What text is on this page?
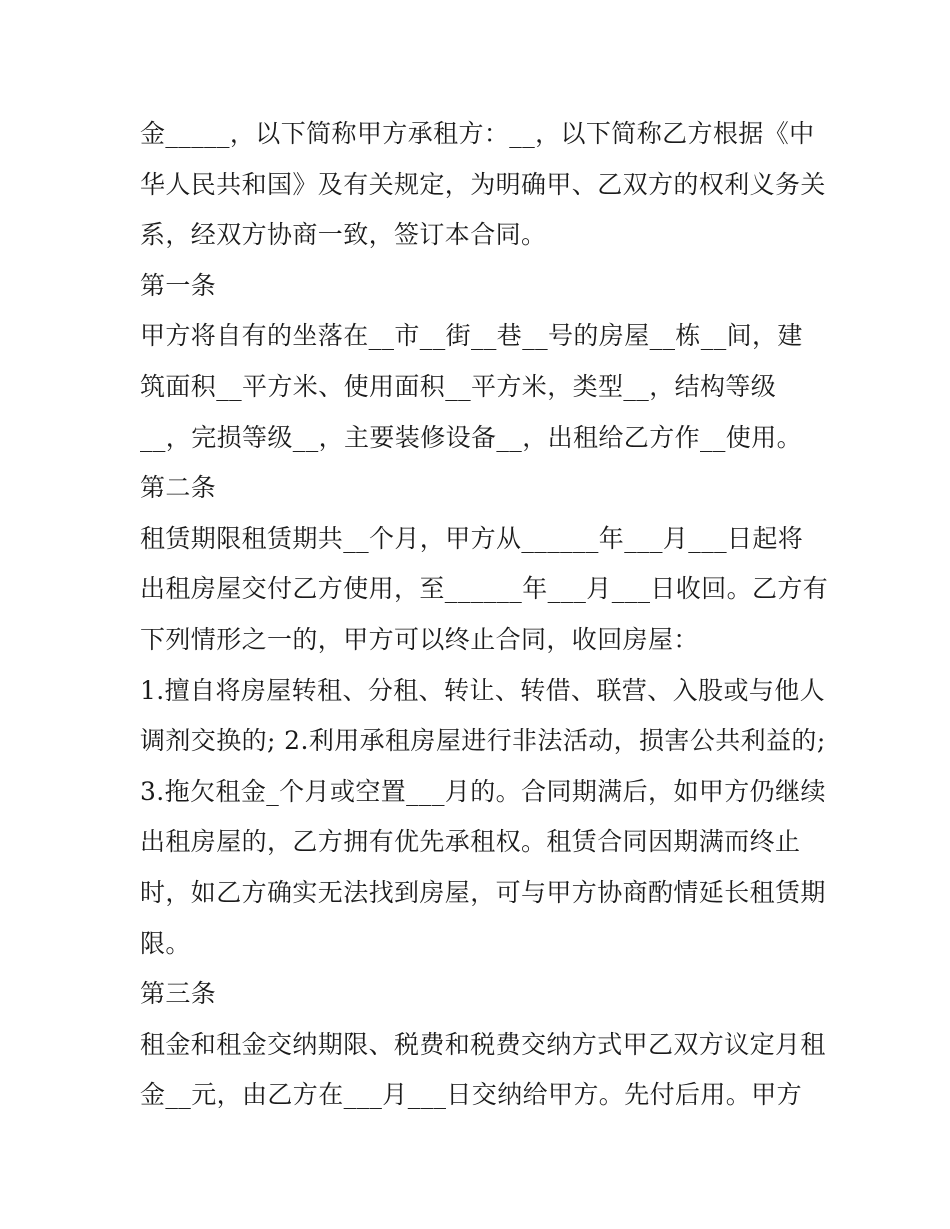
金_____，以下简称甲方承租方：__，以下简称乙方根据《中
华人民共和国》及有关规定，为明确甲、乙双方的权利义务关
系，经双方协商一致，签订本合同。
第一条
甲方将自有的坐落在__市__街__巷__号的房屋__栋__间，建
筑面积__平方米、使用面积__平方米，类型__，结构等级
__，完损等级__，主要装修设备__，出租给乙方作__使用。
第二条
租赁期限租赁期共__个月，甲方从______年___月___日起将
出租房屋交付乙方使用，至______年___月___日收回。乙方有
下列情形之一的，甲方可以终止合同，收回房屋：
1.擅自将房屋转租、分租、转让、转借、联营、入股或与他人
调剂交换的; 2.利用承租房屋进行非法活动，损害公共利益的;
3.拖欠租金_个月或空置___月的。合同期满后，如甲方仍继续
出租房屋的，乙方拥有优先承租权。租赁合同因期满而终止
时，如乙方确实无法找到房屋，可与甲方协商酌情延长租赁期
限。
第三条
租金和租金交纳期限、税费和税费交纳方式甲乙双方议定月租
金__元，由乙方在___月___日交纳给甲方。先付后用。甲方
